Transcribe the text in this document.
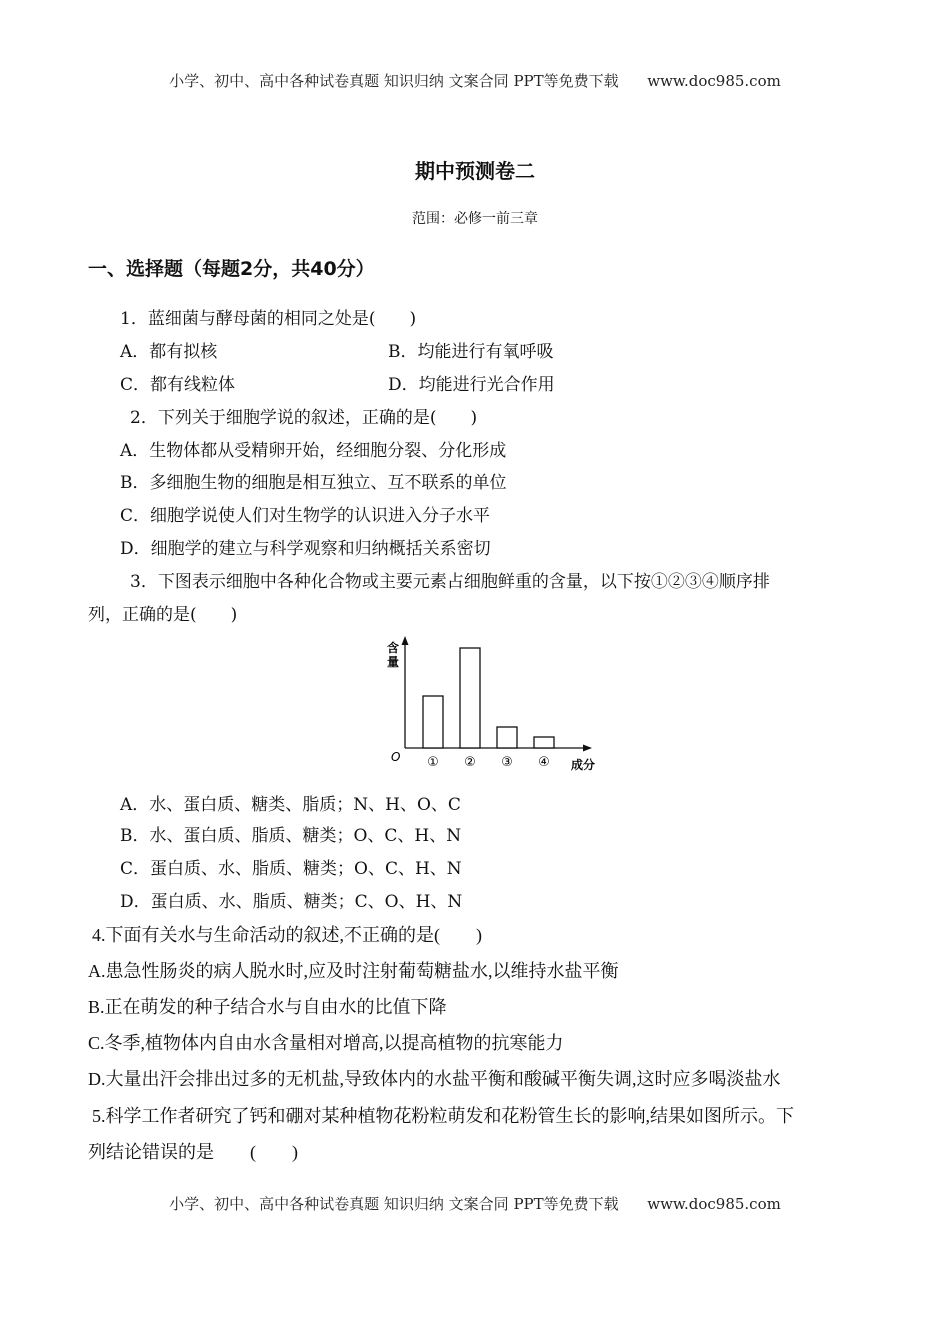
小学、初中、高中各种试卷真题 知识归纳 文案合同 PPT等免费下载      www.doc985.com
期中预测卷二
范围：必修一前三章
一、选择题（每题2分，共40分）
1．蓝细菌与酵母菌的相同之处是(　　)
A．都有拟核	B．均能进行有氧呼吸
C．都有线粒体	D．均能进行光合作用
2．下列关于细胞学说的叙述，正确的是(　　)
A．生物体都从受精卵开始，经细胞分裂、分化形成
B．多细胞生物的细胞是相互独立、互不联系的单位
C．细胞学说使人们对生物学的认识进入分子水平
D．细胞学的建立与科学观察和归纳概括关系密切
3．下图表示细胞中各种化合物或主要元素占细胞鲜重的含量，以下按①②③④顺序排
列，正确的是(　　)
含
量
O
成分
① ② ③ ④
A．水、蛋白质、糖类、脂质；N、H、O、C
B．水、蛋白质、脂质、糖类；O、C、H、N
C．蛋白质、水、脂质、糖类；O、C、H、N
D．蛋白质、水、脂质、糖类；C、O、H、N
4.下面有关水与生命活动的叙述,不正确的是(　　)
A.患急性肠炎的病人脱水时,应及时注射葡萄糖盐水,以维持水盐平衡
B.正在萌发的种子结合水与自由水的比值下降
C.冬季,植物体内自由水含量相对增高,以提高植物的抗寒能力
D.大量出汗会排出过多的无机盐,导致体内的水盐平衡和酸碱平衡失调,这时应多喝淡盐水
5.科学工作者研究了钙和硼对某种植物花粉粒萌发和花粉管生长的影响,结果如图所示。下
列结论错误的是　　(　　)
小学、初中、高中各种试卷真题 知识归纳 文案合同 PPT等免费下载      www.doc985.com
